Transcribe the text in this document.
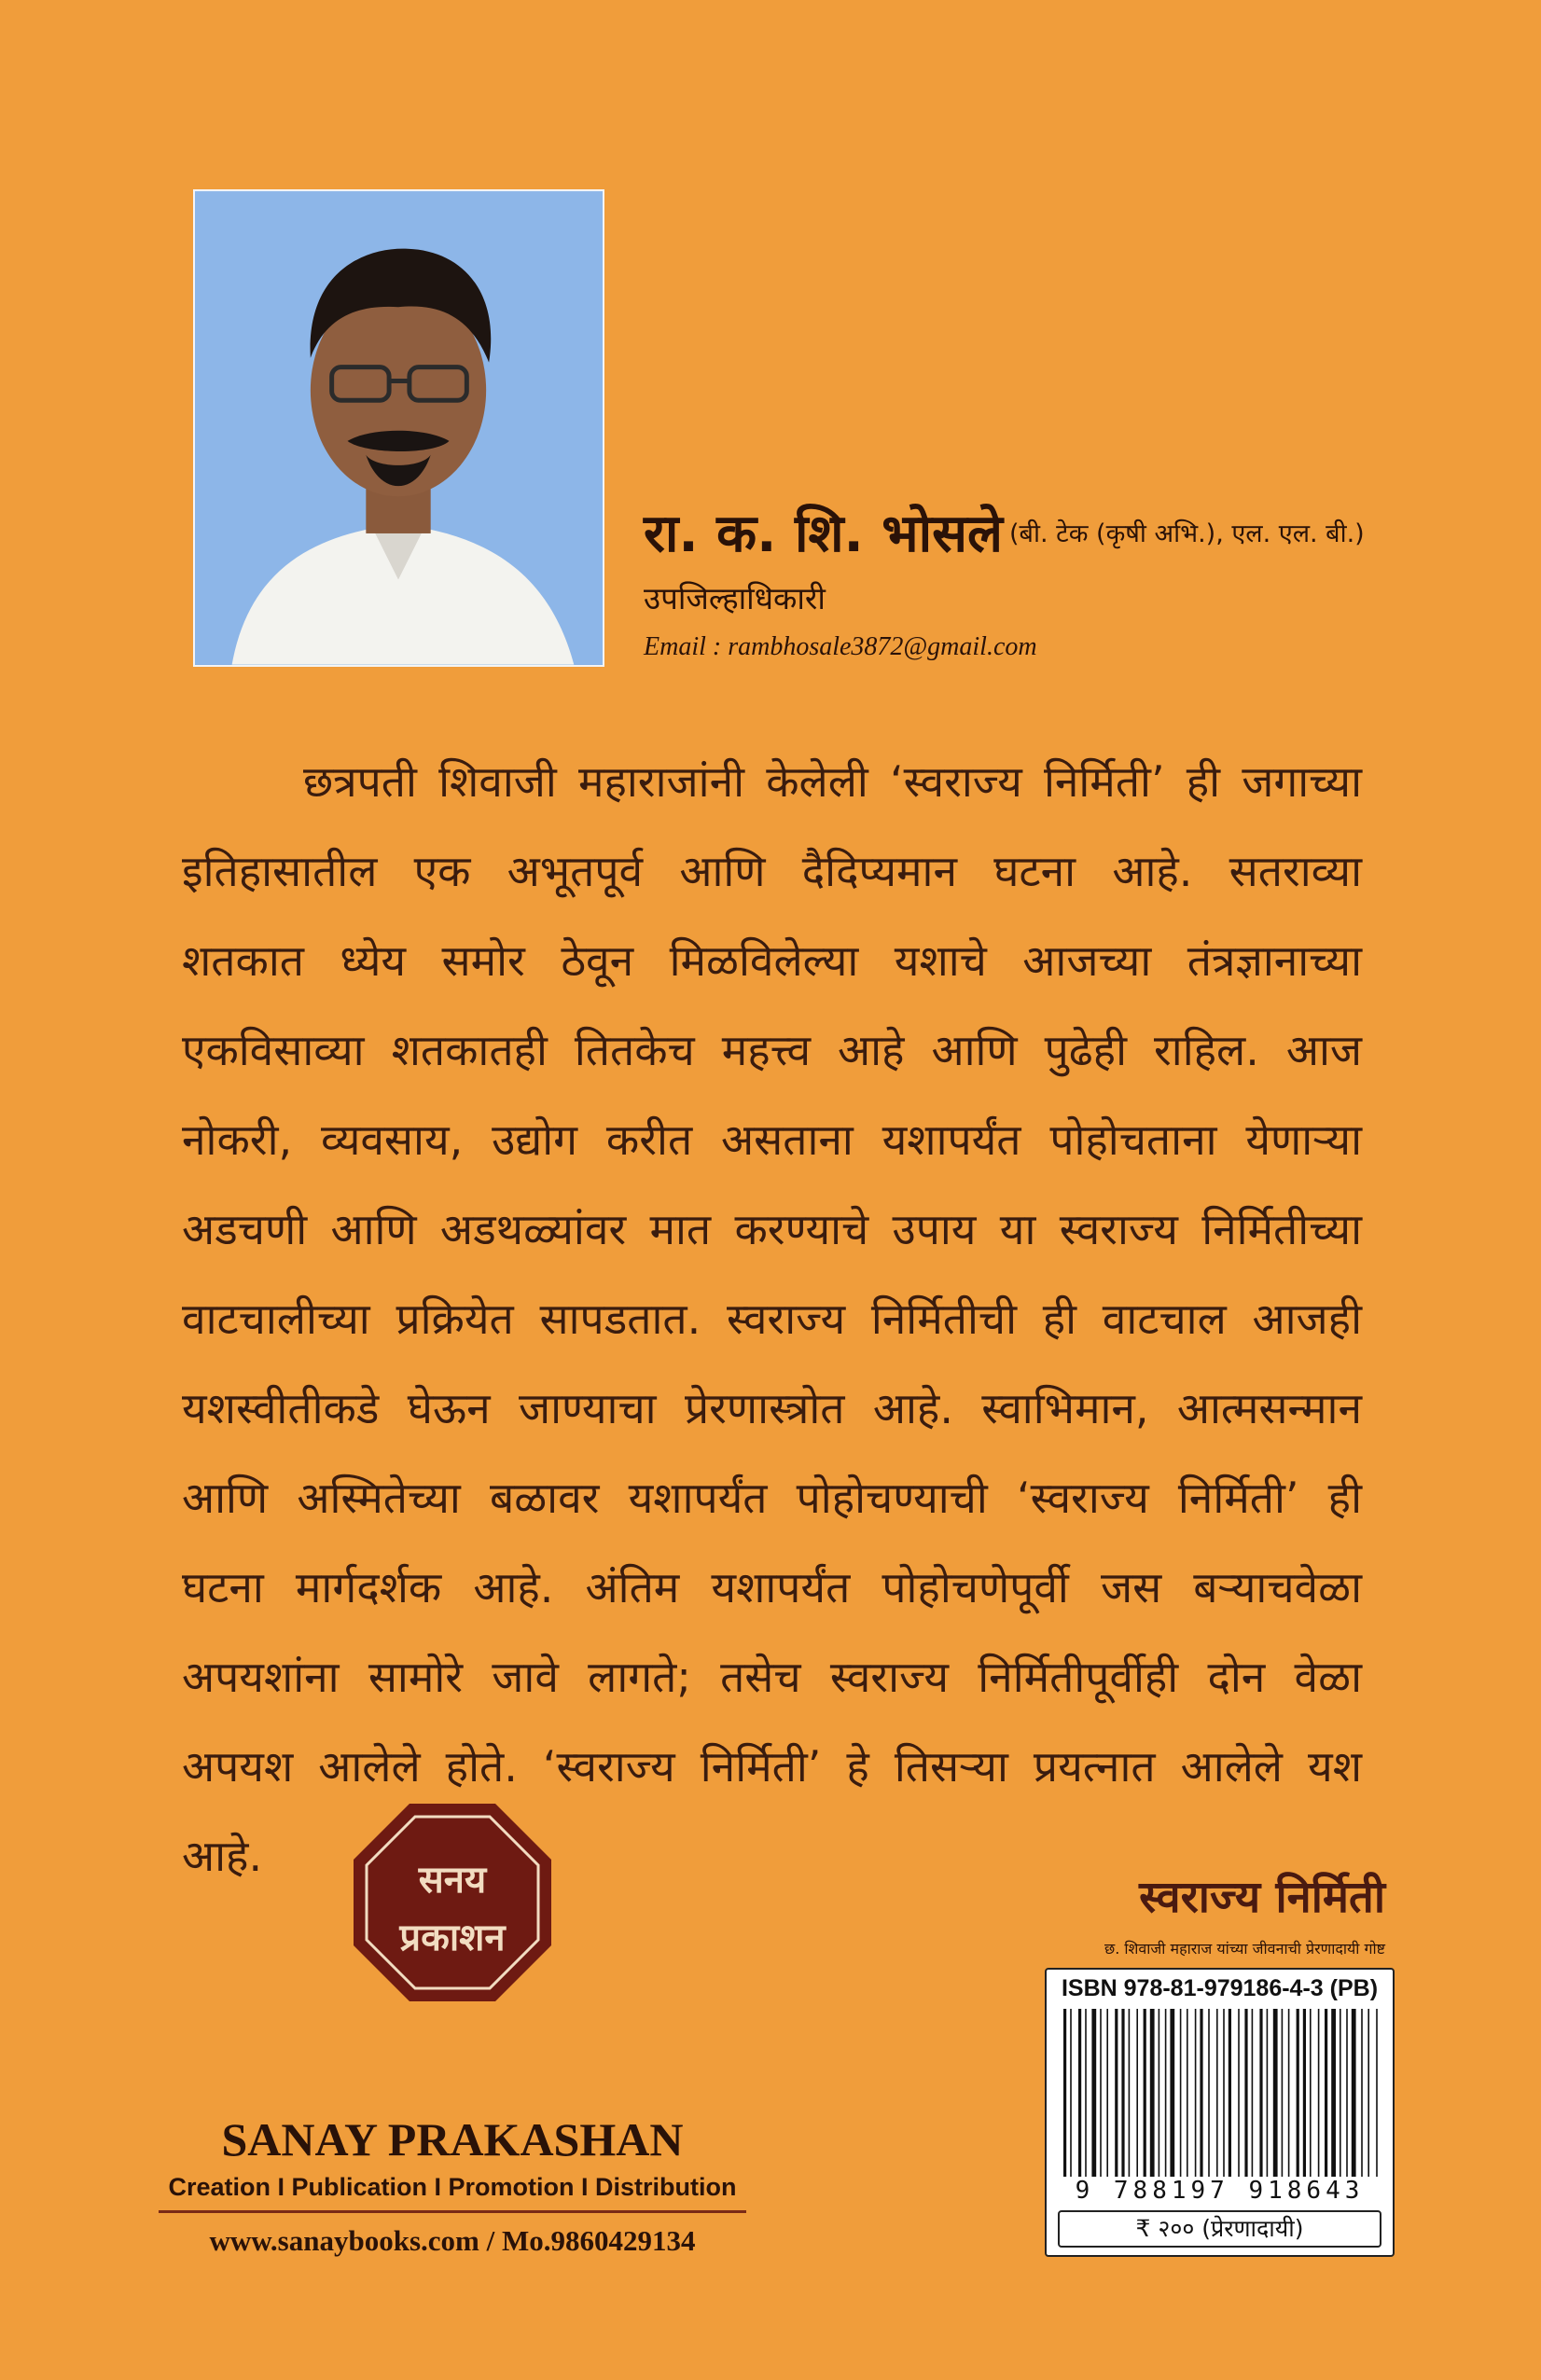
रा. क. शि. भोसले (बी. टेक (कृषी अभि.), एल. एल. बी.)
उपजिल्हाधिकारी
Email : rambhosale3872@gmail.com
छत्रपती शिवाजी महाराजांनी केलेली ‘स्वराज्य निर्मिती’ ही जगाच्या
इतिहासातील एक अभूतपूर्व आणि दैदिप्यमान घटना आहे. सतराव्या
शतकात ध्येय समोर ठेवून मिळविलेल्या यशाचे आजच्या तंत्रज्ञानाच्या
एकविसाव्या शतकातही तितकेच महत्त्व आहे आणि पुढेही राहिल. आज
नोकरी, व्यवसाय, उद्योग करीत असताना यशापर्यंत पोहोचताना येणाऱ्या
अडचणी आणि अडथळ्यांवर मात करण्याचे उपाय या स्वराज्य निर्मितीच्या
वाटचालीच्या प्रक्रियेत सापडतात. स्वराज्य निर्मितीची ही वाटचाल आजही
यशस्वीतीकडे घेऊन जाण्याचा प्रेरणास्त्रोत आहे. स्वाभिमान, आत्मसन्मान
आणि अस्मितेच्या बळावर यशापर्यंत पोहोचण्याची ‘स्वराज्य निर्मिती’ ही
घटना मार्गदर्शक आहे. अंतिम यशापर्यंत पोहोचणेपूर्वी जस बऱ्याचवेळा
अपयशांना सामोरे जावे लागते; तसेच स्वराज्य निर्मितीपूर्वीही दोन वेळा
अपयश आलेले होते. ‘स्वराज्य निर्मिती’ हे तिसऱ्या प्रयत्नात आलेले यश
आहे.	सनय
प्रकाशन
SANAY PRAKASHAN
Creation I Publication I Promotion I Distribution
www.sanaybooks.com / Mo.9860429134
स्वराज्य निर्मिती
छ. शिवाजी महाराज यांच्या जीवनाची प्रेरणादायी गोष्ट
ISBN 978-81-979186-4-3 (PB)
9 788197 918643
₹ २०० (प्रेरणादायी)
